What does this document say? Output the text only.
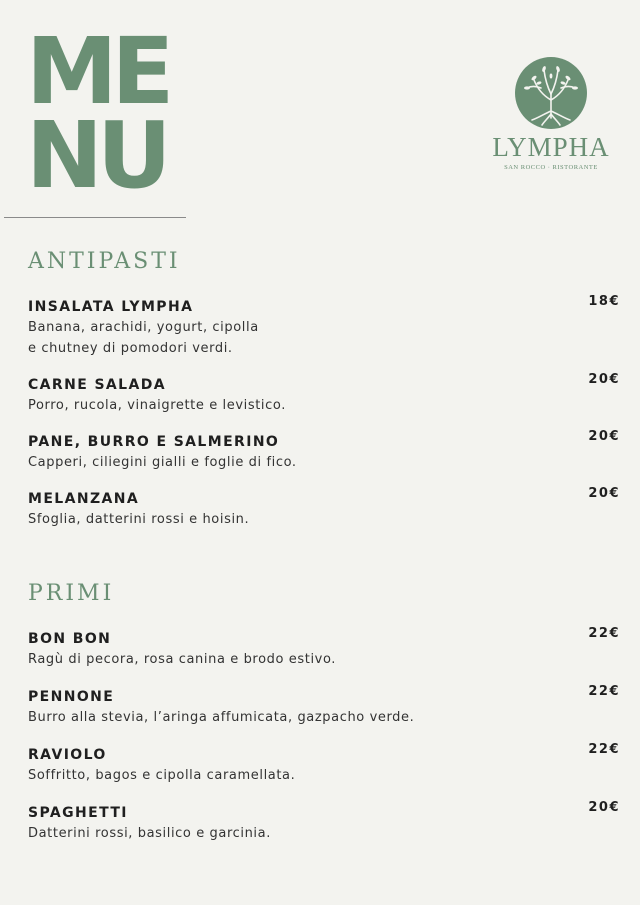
ME
NU	LYMPHA
SAN ROCCO · RISTORANTE
ANTIPASTI
INSALATA LYMPHA
Banana, arachidi, yogurt, cipolla
e chutney di pomodori verdi.
18€
CARNE SALADA
Porro, rucola, vinaigrette e levistico.
20€
PANE, BURRO E SALMERINO
Capperi, ciliegini gialli e foglie di fico.
20€
MELANZANA
Sfoglia, datterini rossi e hoisin.
20€
PRIMI
BON BON
Ragù di pecora, rosa canina e brodo estivo.
22€
PENNONE
Burro alla stevia, l’aringa affumicata, gazpacho verde.
22€
RAVIOLO
Soffritto, bagos e cipolla caramellata.
22€
SPAGHETTI
Datterini rossi, basilico e garcinia.
20€
